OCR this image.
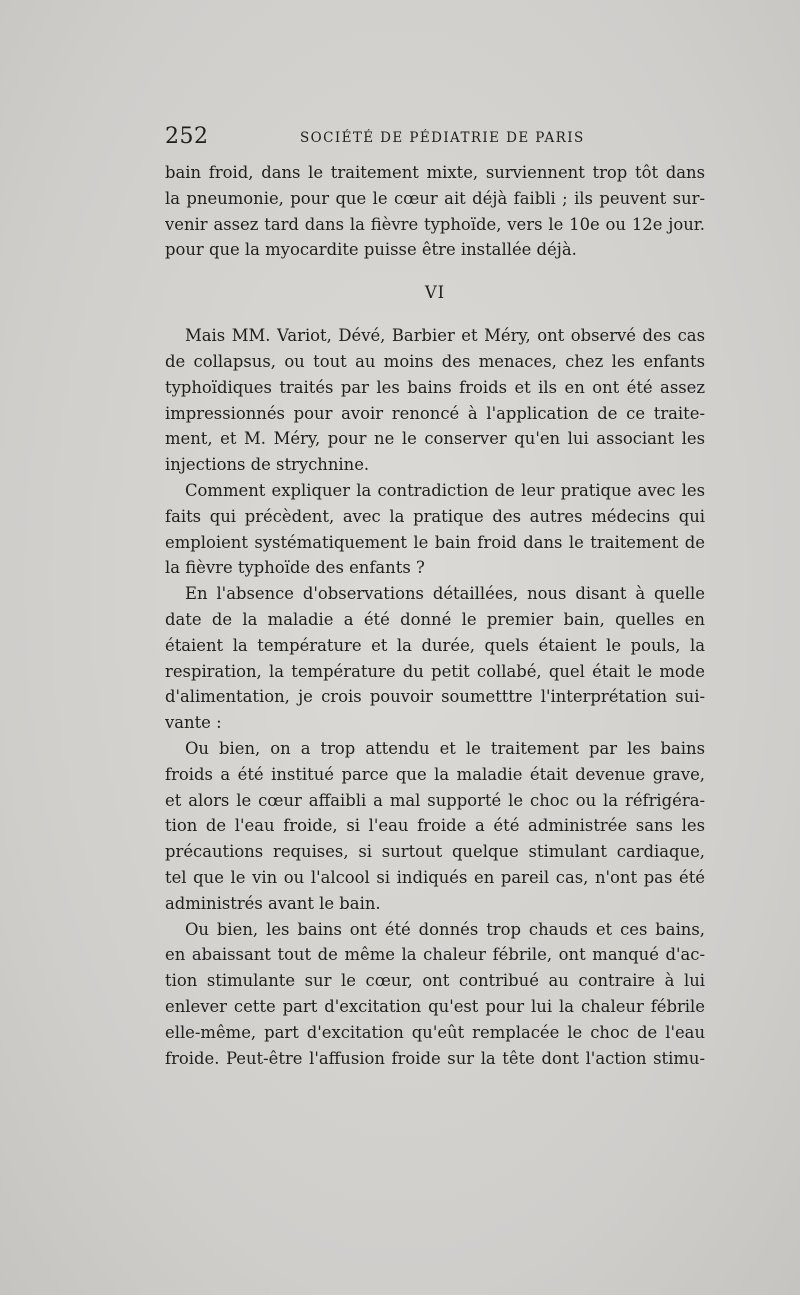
252	SOCIÉTÉ DE PÉDIATRIE DE PARIS
bain froid, dans le traitement mixte, surviennent trop tôt dans
la pneumonie, pour que le cœur ait déjà faibli ; ils peuvent sur-
venir assez tard dans la fièvre typhoïde, vers le 10e ou 12e jour.
pour que la myocardite puisse être installée déjà.
VI
Mais MM. Variot, Dévé, Barbier et Méry, ont observé des cas
de collapsus, ou tout au moins des menaces, chez les enfants
typhoïdiques traités par les bains froids et ils en ont été assez
impressionnés pour avoir renoncé à l'application de ce traite-
ment, et M. Méry, pour ne le conserver qu'en lui associant les
injections de strychnine.
Comment expliquer la contradiction de leur pratique avec les
faits qui précèdent, avec la pratique des autres médecins qui
emploient systématiquement le bain froid dans le traitement de
la fièvre typhoïde des enfants ?
En l'absence d'observations détaillées, nous disant à quelle
date de la maladie a été donné le premier bain, quelles en
étaient la température et la durée, quels étaient le pouls, la
respiration, la température du petit collabé, quel était le mode
d'alimentation, je crois pouvoir soumetttre l'interprétation sui-
vante :
Ou bien, on a trop attendu et le traitement par les bains
froids a été institué parce que la maladie était devenue grave,
et alors le cœur affaibli a mal supporté le choc ou la réfrigéra-
tion de l'eau froide, si l'eau froide a été administrée sans les
précautions requises, si surtout quelque stimulant cardiaque,
tel que le vin ou l'alcool si indiqués en pareil cas, n'ont pas été
administrés avant le bain.
Ou bien, les bains ont été donnés trop chauds et ces bains,
en abaissant tout de même la chaleur fébrile, ont manqué d'ac-
tion stimulante sur le cœur, ont contribué au contraire à lui
enlever cette part d'excitation qu'est pour lui la chaleur fébrile
elle-même, part d'excitation qu'eût remplacée le choc de l'eau
froide. Peut-être l'affusion froide sur la tête dont l'action stimu-
